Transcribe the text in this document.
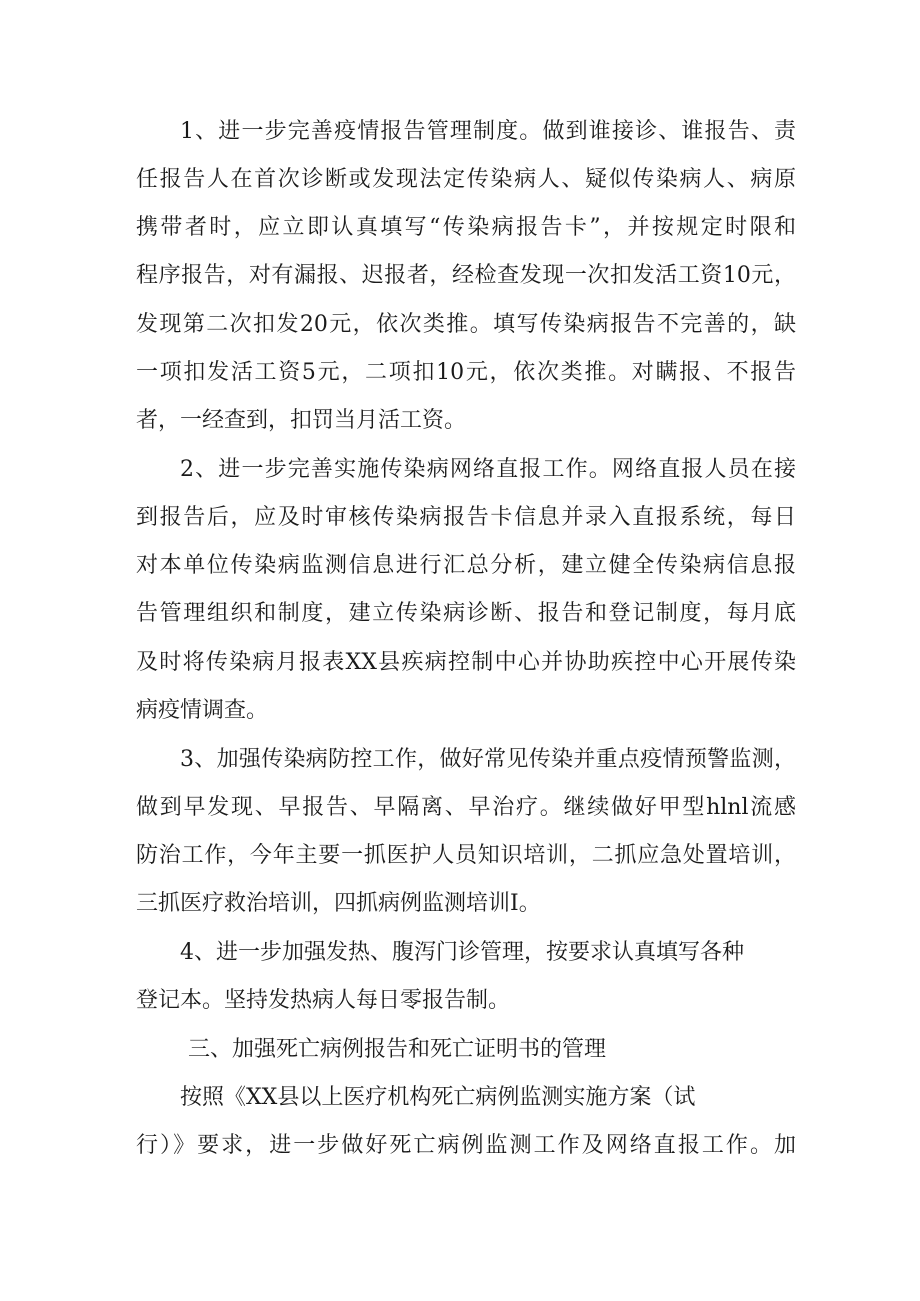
1、进一步完善疫情报告管理制度。做到谁接诊、谁报告、责
任报告人在首次诊断或发现法定传染病人、疑似传染病人、病原
携带者时，应立即认真填写“传染病报告卡”，并按规定时限和
程序报告，对有漏报、迟报者，经检查发现一次扣发活工资10元，
发现第二次扣发20元，依次类推。填写传染病报告不完善的，缺
一项扣发活工资5元，二项扣10元，依次类推。对瞒报、不报告
者，一经查到，扣罚当月活工资。
2、进一步完善实施传染病网络直报工作。网络直报人员在接
到报告后，应及时审核传染病报告卡信息并录入直报系统，每日
对本单位传染病监测信息进行汇总分析，建立健全传染病信息报
告管理组织和制度，建立传染病诊断、报告和登记制度，每月底
及时将传染病月报表XX县疾病控制中心并协助疾控中心开展传染
病疫情调查。
3、加强传染病防控工作，做好常见传染并重点疫情预警监测，
做到早发现、早报告、早隔离、早治疗。继续做好甲型hlnl流感
防治工作，今年主要一抓医护人员知识培训，二抓应急处置培训，
三抓医疗救治培训，四抓病例监测培训I。
4、进一步加强发热、腹泻门诊管理，按要求认真填写各种
登记本。坚持发热病人每日零报告制。
三、加强死亡病例报告和死亡证明书的管理
按照《XX县以上医疗机构死亡病例监测实施方案（试
行）》要求，进一步做好死亡病例监测工作及网络直报工作。加
